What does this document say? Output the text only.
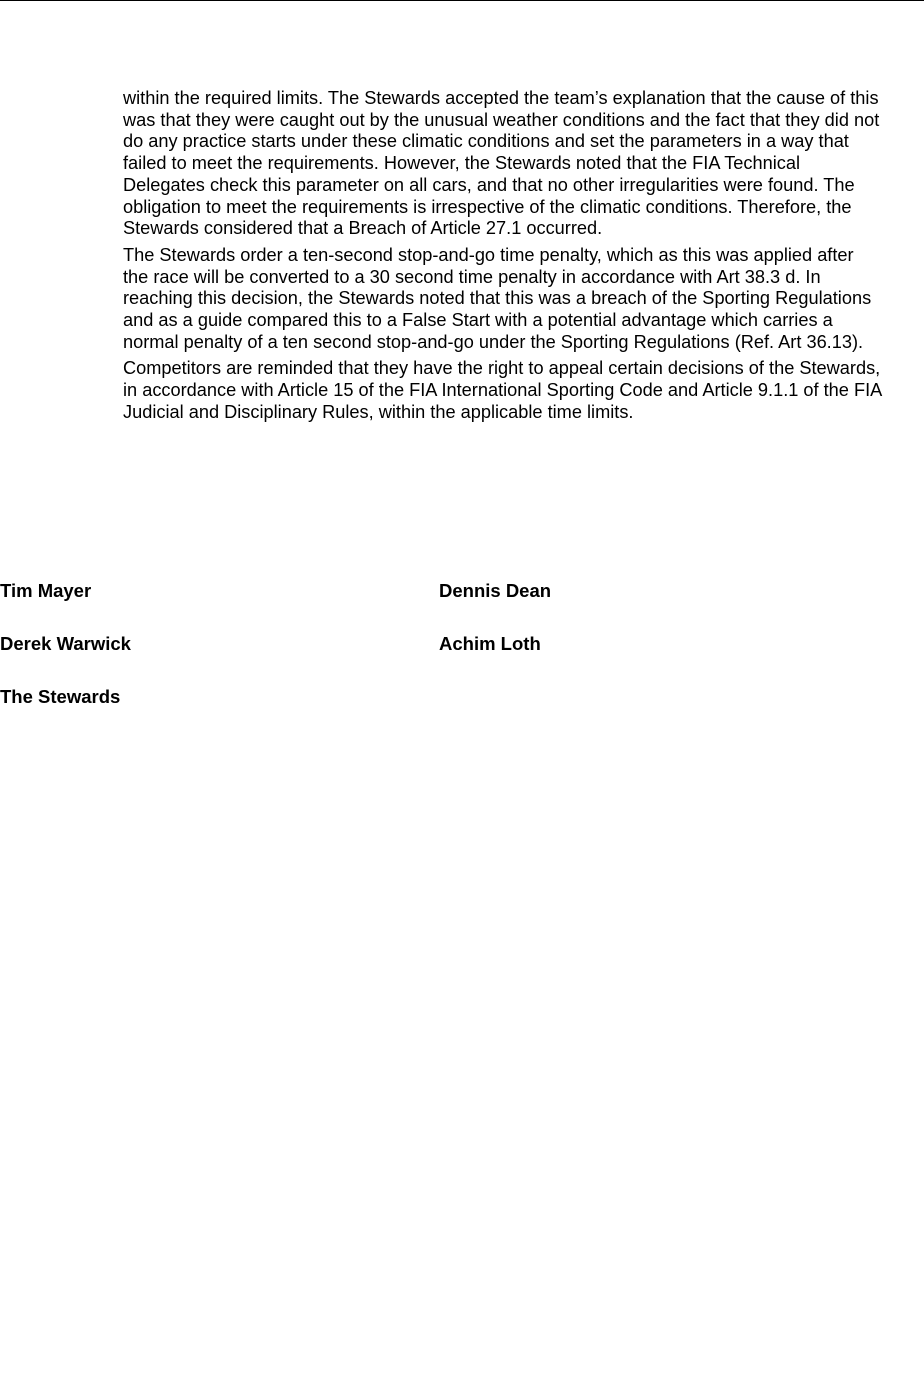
within the required limits. The Stewards accepted the team’s explanation that the cause of this was that they were caught out by the unusual weather conditions and the fact that they did not do any practice starts under these climatic conditions and set the parameters in a way that failed to meet the requirements. However, the Stewards noted that the FIA Technical Delegates check this parameter on all cars, and that no other irregularities were found. The obligation to meet the requirements is irrespective of the climatic conditions. Therefore, the Stewards considered that a Breach of Article 27.1 occurred.

The Stewards order a ten-second stop-and-go time penalty, which as this was applied after the race will be converted to a 30 second time penalty in accordance with Art 38.3 d. In reaching this decision, the Stewards noted that this was a breach of the Sporting Regulations and as a guide compared this to a False Start with a potential advantage which carries a normal penalty of a ten second stop-and-go under the Sporting Regulations (Ref. Art 36.13).

Competitors are reminded that they have the right to appeal certain decisions of the Stewards, in accordance with Article 15 of the FIA International Sporting Code and Article 9.1.1 of the FIA Judicial and Disciplinary Rules, within the applicable time limits.

Tim Mayer	Dennis Dean
Derek Warwick	Achim Loth
The Stewards
